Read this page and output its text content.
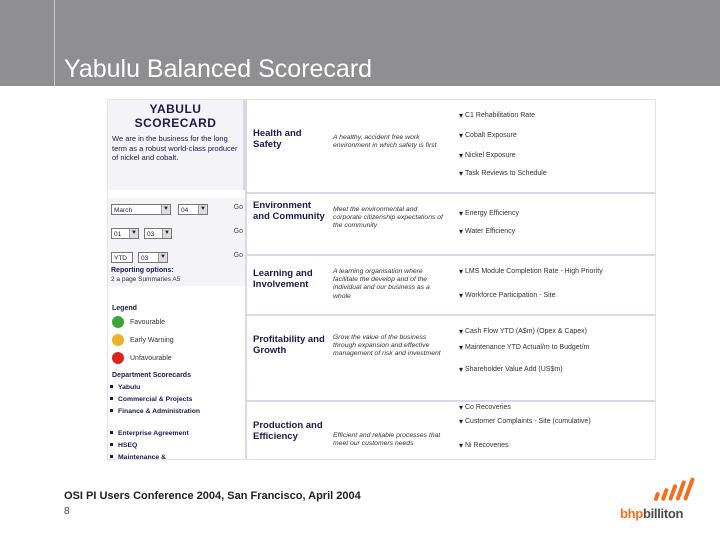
Yabulu Balanced Scorecard
YABULU
SCORECARD
We are in the business for the long term as a robust world-class producer of nickel and cobalt.
March	▼	04	▼	Go
01	▼	03	▼	Go
YTD	03	▼	Go
Reporting options:
2 a page Summaries A5
Legend
Favourable
Early Warning
Unfavourable
Department Scorecards
Yabulu
Commercial & Projects
Finance & Administration
Enterprise Agreement
HSEQ
Maintenance &
Health and Safety
A healthy, accident free work environment in which safety is first
▾ C1 Rehabilitation Rate
▾ Cobalt Exposure
▾ Nickel Exposure
▾ Task Reviews to Schedule
Environment and Community
Meet the environmental and corporate citizenship expectations of the community
▾ Energy Efficiency
▾ Water Efficiency
Learning and Involvement
A learning organisation where facilitate the develop and of the individual and our business as a whole
▾ LMS Module Completion Rate - High Priority
▾ Workforce Participation - Site
Profitability and Growth
Grow the value of the business through expansion and effective management of risk and investment
▾ Cash Flow YTD (A$m) (Opex & Capex)
▾ Maintenance YTD Actual/m to Budget/m
▾ Shareholder Value Add (US$m)
Production and Efficiency	Efficient and reliable processes that meet our customers needs
▾ Co Recoveries
▾ Customer Complaints - Site (cumulative)
▾ Ni Recoveries
OSI PI Users Conference 2004, San Francisco, April 2004
8	bhpbilliton
